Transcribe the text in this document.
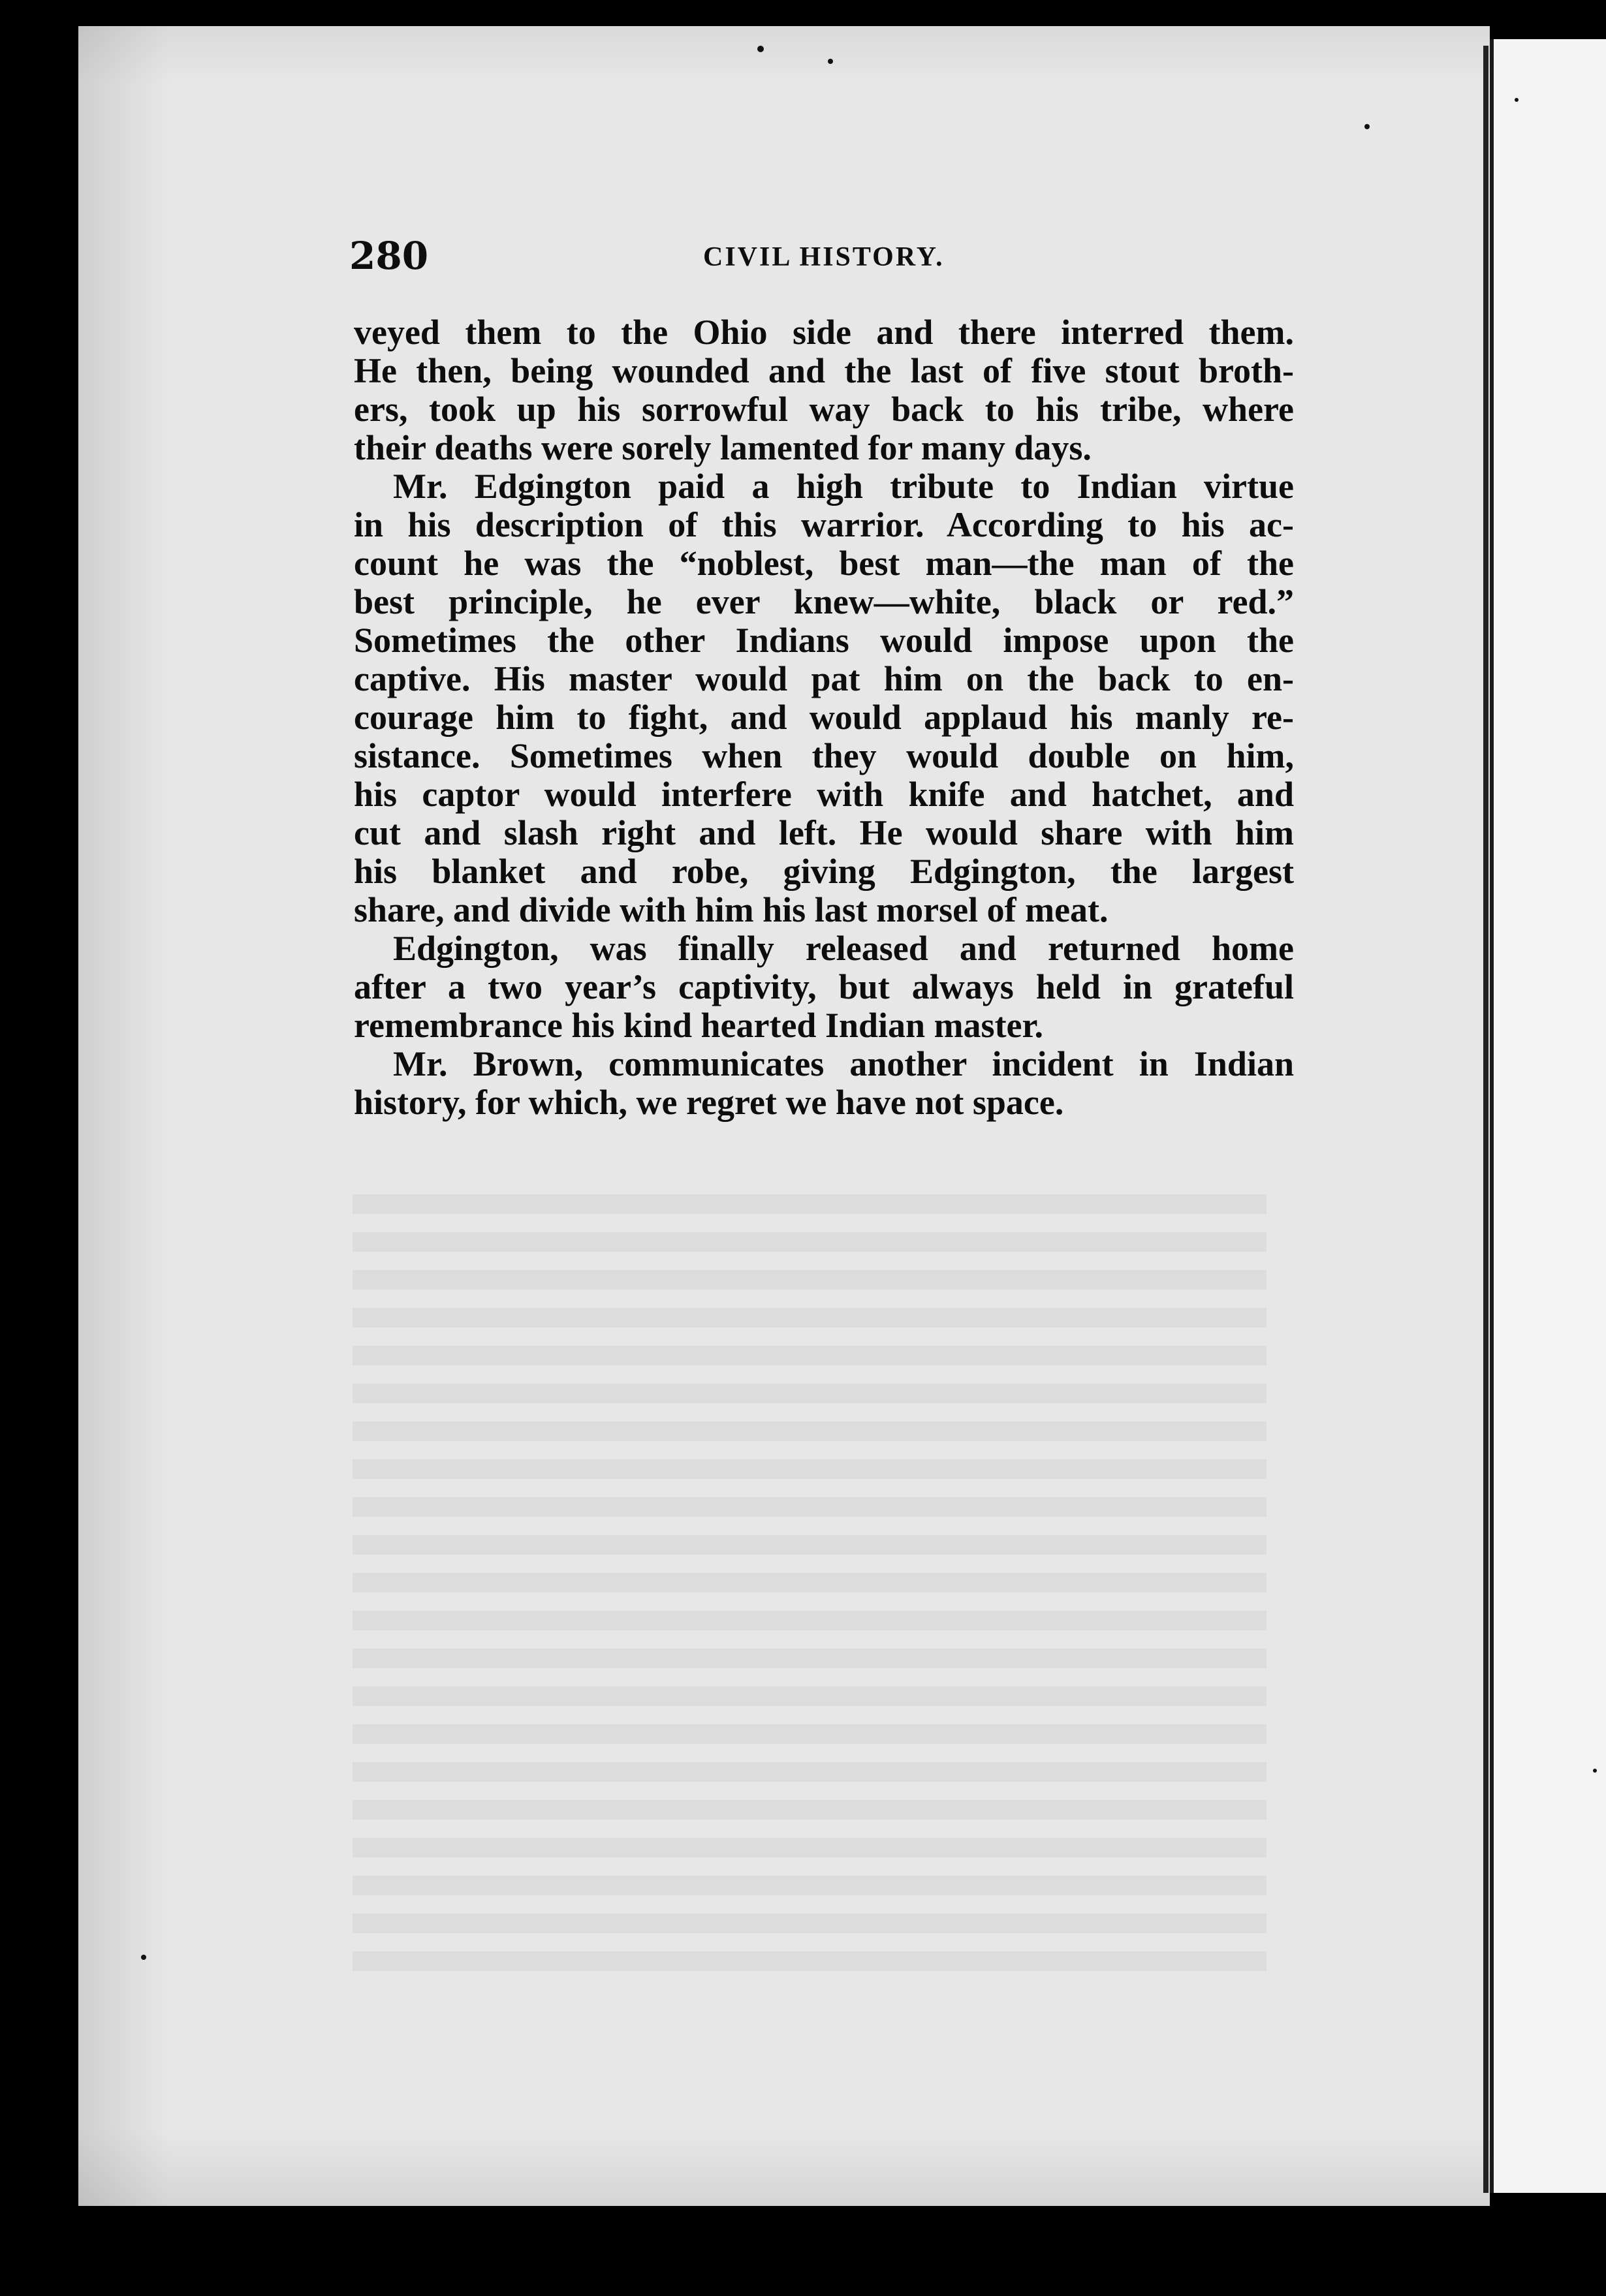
280	CIVIL HISTORY.
veyed them to the Ohio side and there interred them.
He then, being wounded and the last of five stout broth-
ers, took up his sorrowful way back to his tribe, where
their deaths were sorely lamented for many days.
Mr. Edgington paid a high tribute to Indian virtue
in his description of this warrior. According to his ac-
count he was the “noblest, best man—the man of the
best principle, he ever knew—white, black or red.”
Sometimes the other Indians would impose upon the
captive. His master would pat him on the back to en-
courage him to fight, and would applaud his manly re-
sistance. Sometimes when they would double on him,
his captor would interfere with knife and hatchet, and
cut and slash right and left. He would share with him
his blanket and robe, giving Edgington, the largest
share, and divide with him his last morsel of meat.
Edgington, was finally released and returned home
after a two year’s captivity, but always held in grateful
remembrance his kind hearted Indian master.
Mr. Brown, communicates another incident in Indian
history, for which, we regret we have not space.
